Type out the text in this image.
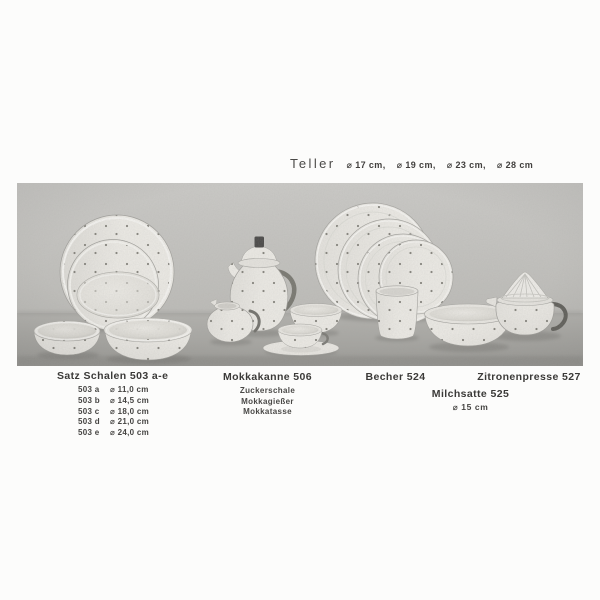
Teller ⌀ 17 cm, ⌀ 19 cm, ⌀ 23 cm, ⌀ 28 cm
Satz Schalen 503 a-e
503 a	⌀ 11,0 cm
503 b ⌀ 14,5 cm
503 c	⌀ 18,0 cm
503 d ⌀ 21,0 cm
503 e	⌀ 24,0 cm
Mokkakanne 506
Zuckerschale
Mokkagießer
Mokkatasse
Becher 524	Zitronenpresse 527
Milchsatte 525
⌀ 15 cm
